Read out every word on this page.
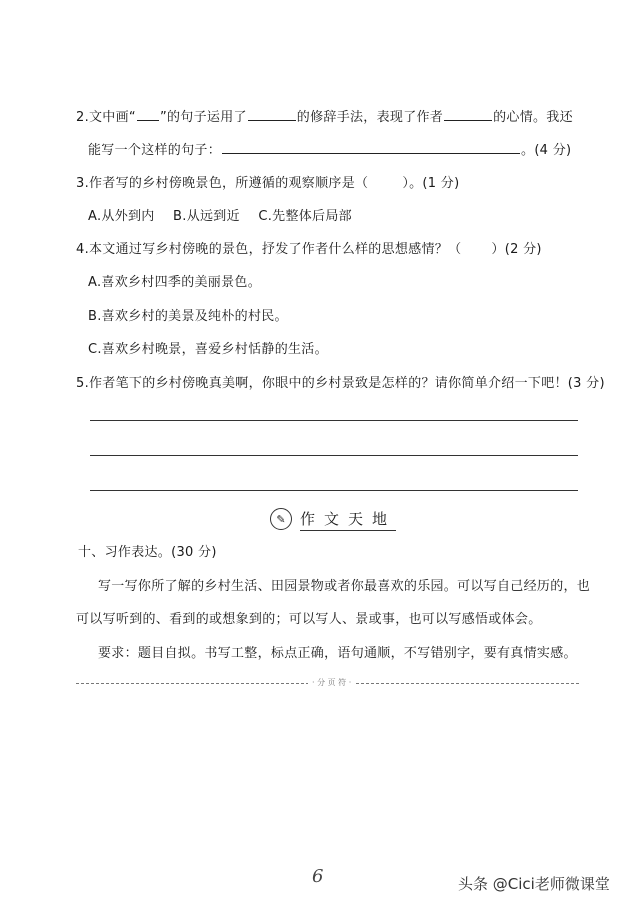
2.文中画“ ”的句子运用了	的修辞手法，表现了作者	的心情。我还
能写一个这样的句子：	。(4 分)
3.作者写的乡村傍晚景色，所遵循的观察顺序是（	）。(1 分)
A.从外到内 B.从远到近 C.先整体后局部
4.本文通过写乡村傍晚的景色，抒发了作者什么样的思想感情？（ ）(2 分)
A.喜欢乡村四季的美丽景色。
B.喜欢乡村的美景及纯朴的村民。
C.喜欢乡村晚景，喜爱乡村恬静的生活。
5.作者笔下的乡村傍晚真美啊，你眼中的乡村景致是怎样的？请你简单介绍一下吧！(3 分)
✎ 作文天地
十、习作表达。(30 分)
写一写你所了解的乡村生活、田园景物或者你最喜欢的乐园。可以写自己经历的，也
可以写听到的、看到的或想象到的；可以写人、景或事，也可以写感悟或体会。
要求：题目自拟。书写工整，标点正确，语句通顺，不写错别字，要有真情实感。
· 分 页 符 ·
6	头条 @Cici老师微课堂
